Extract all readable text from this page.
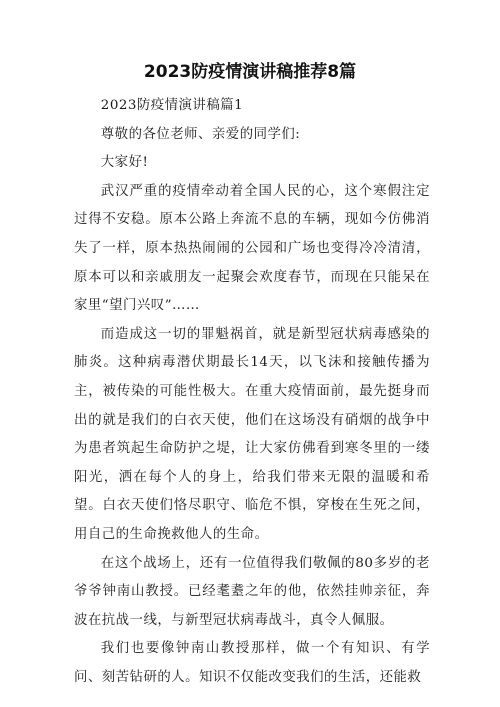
2023防疫情演讲稿推荐8篇

2023防疫情演讲稿篇1

尊敬的各位老师、亲爱的同学们:

大家好!

武汉严重的疫情牵动着全国人民的心，这个寒假注定过得不安稳。原本公路上奔流不息的车辆，现如今仿佛消失了一样，原本热热闹闹的公园和广场也变得冷冷清清，原本可以和亲戚朋友一起聚会欢度春节，而现在只能呆在家里“望门兴叹”……

而造成这一切的罪魁祸首，就是新型冠状病毒感染的肺炎。这种病毒潜伏期最长14天，以飞沫和接触传播为主，被传染的可能性极大。在重大疫情面前，最先挺身而出的就是我们的白衣天使，他们在这场没有硝烟的战争中为患者筑起生命防护之堤，让大家仿佛看到寒冬里的一缕阳光，洒在每个人的身上，给我们带来无限的温暖和希望。白衣天使们恪尽职守、临危不惧，穿梭在生死之间，用自己的生命挽救他人的生命。

在这个战场上，还有一位值得我们敬佩的80多岁的老爷爷钟南山教授。已经耄耋之年的他，依然挂帅亲征，奔波在抗战一线，与新型冠状病毒战斗，真令人佩服。

我们也要像钟南山教授那样，做一个有知识、有学问、刻苦钻研的人。知识不仅能改变我们的生活，还能救
